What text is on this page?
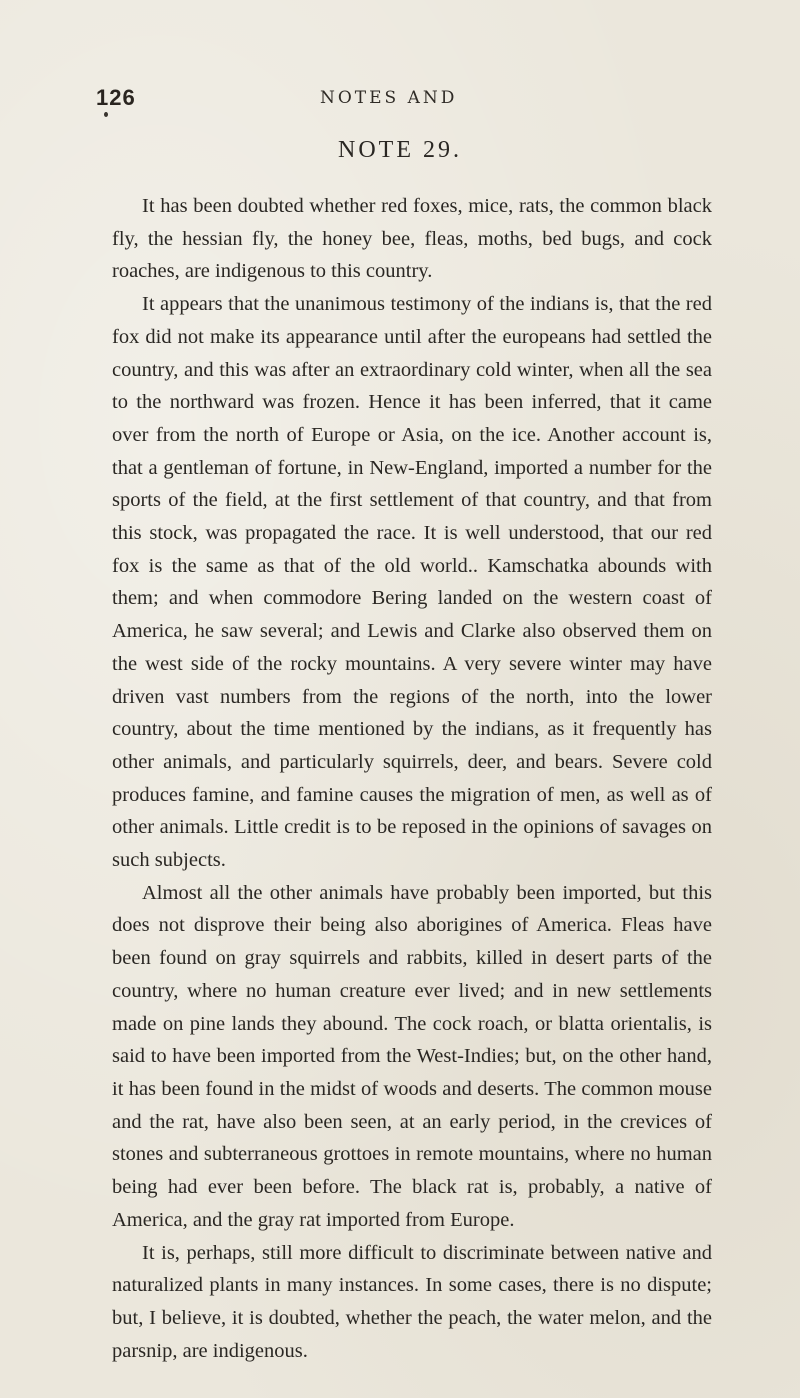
126	NOTES AND
NOTE 29.

It has been doubted whether red foxes, mice, rats, the common black fly, the hessian fly, the honey bee, fleas, moths, bed bugs, and cock roaches, are indigenous to this country.

It appears that the unanimous testimony of the indians is, that the red fox did not make its appearance until after the europeans had settled the country, and this was after an extraordinary cold winter, when all the sea to the northward was frozen. Hence it has been inferred, that it came over from the north of Europe or Asia, on the ice. Another account is, that a gentleman of fortune, in New-England, imported a number for the sports of the field, at the first settlement of that country, and that from this stock, was propagated the race. It is well understood, that our red fox is the same as that of the old world.. Kamschatka abounds with them; and when commodore Bering landed on the western coast of America, he saw several; and Lewis and Clarke also observed them on the west side of the rocky mountains. A very severe winter may have driven vast numbers from the regions of the north, into the lower country, about the time mentioned by the indians, as it frequently has other animals, and particularly squirrels, deer, and bears. Severe cold produces famine, and famine causes the migration of men, as well as of other animals. Little credit is to be reposed in the opinions of savages on such subjects.

Almost all the other animals have probably been imported, but this does not disprove their being also aborigines of America. Fleas have been found on gray squirrels and rabbits, killed in desert parts of the country, where no human creature ever lived; and in new settlements made on pine lands they abound. The cock roach, or blatta orientalis, is said to have been imported from the West-Indies; but, on the other hand, it has been found in the midst of woods and deserts. The common mouse and the rat, have also been seen, at an early period, in the crevices of stones and subterraneous grottoes in remote mountains, where no human being had ever been before. The black rat is, probably, a native of America, and the gray rat imported from Europe.

It is, perhaps, still more difficult to discriminate between native and naturalized plants in many instances. In some cases, there is no dispute; but, I believe, it is doubted, whether the peach, the water melon, and the parsnip, are indigenous.
